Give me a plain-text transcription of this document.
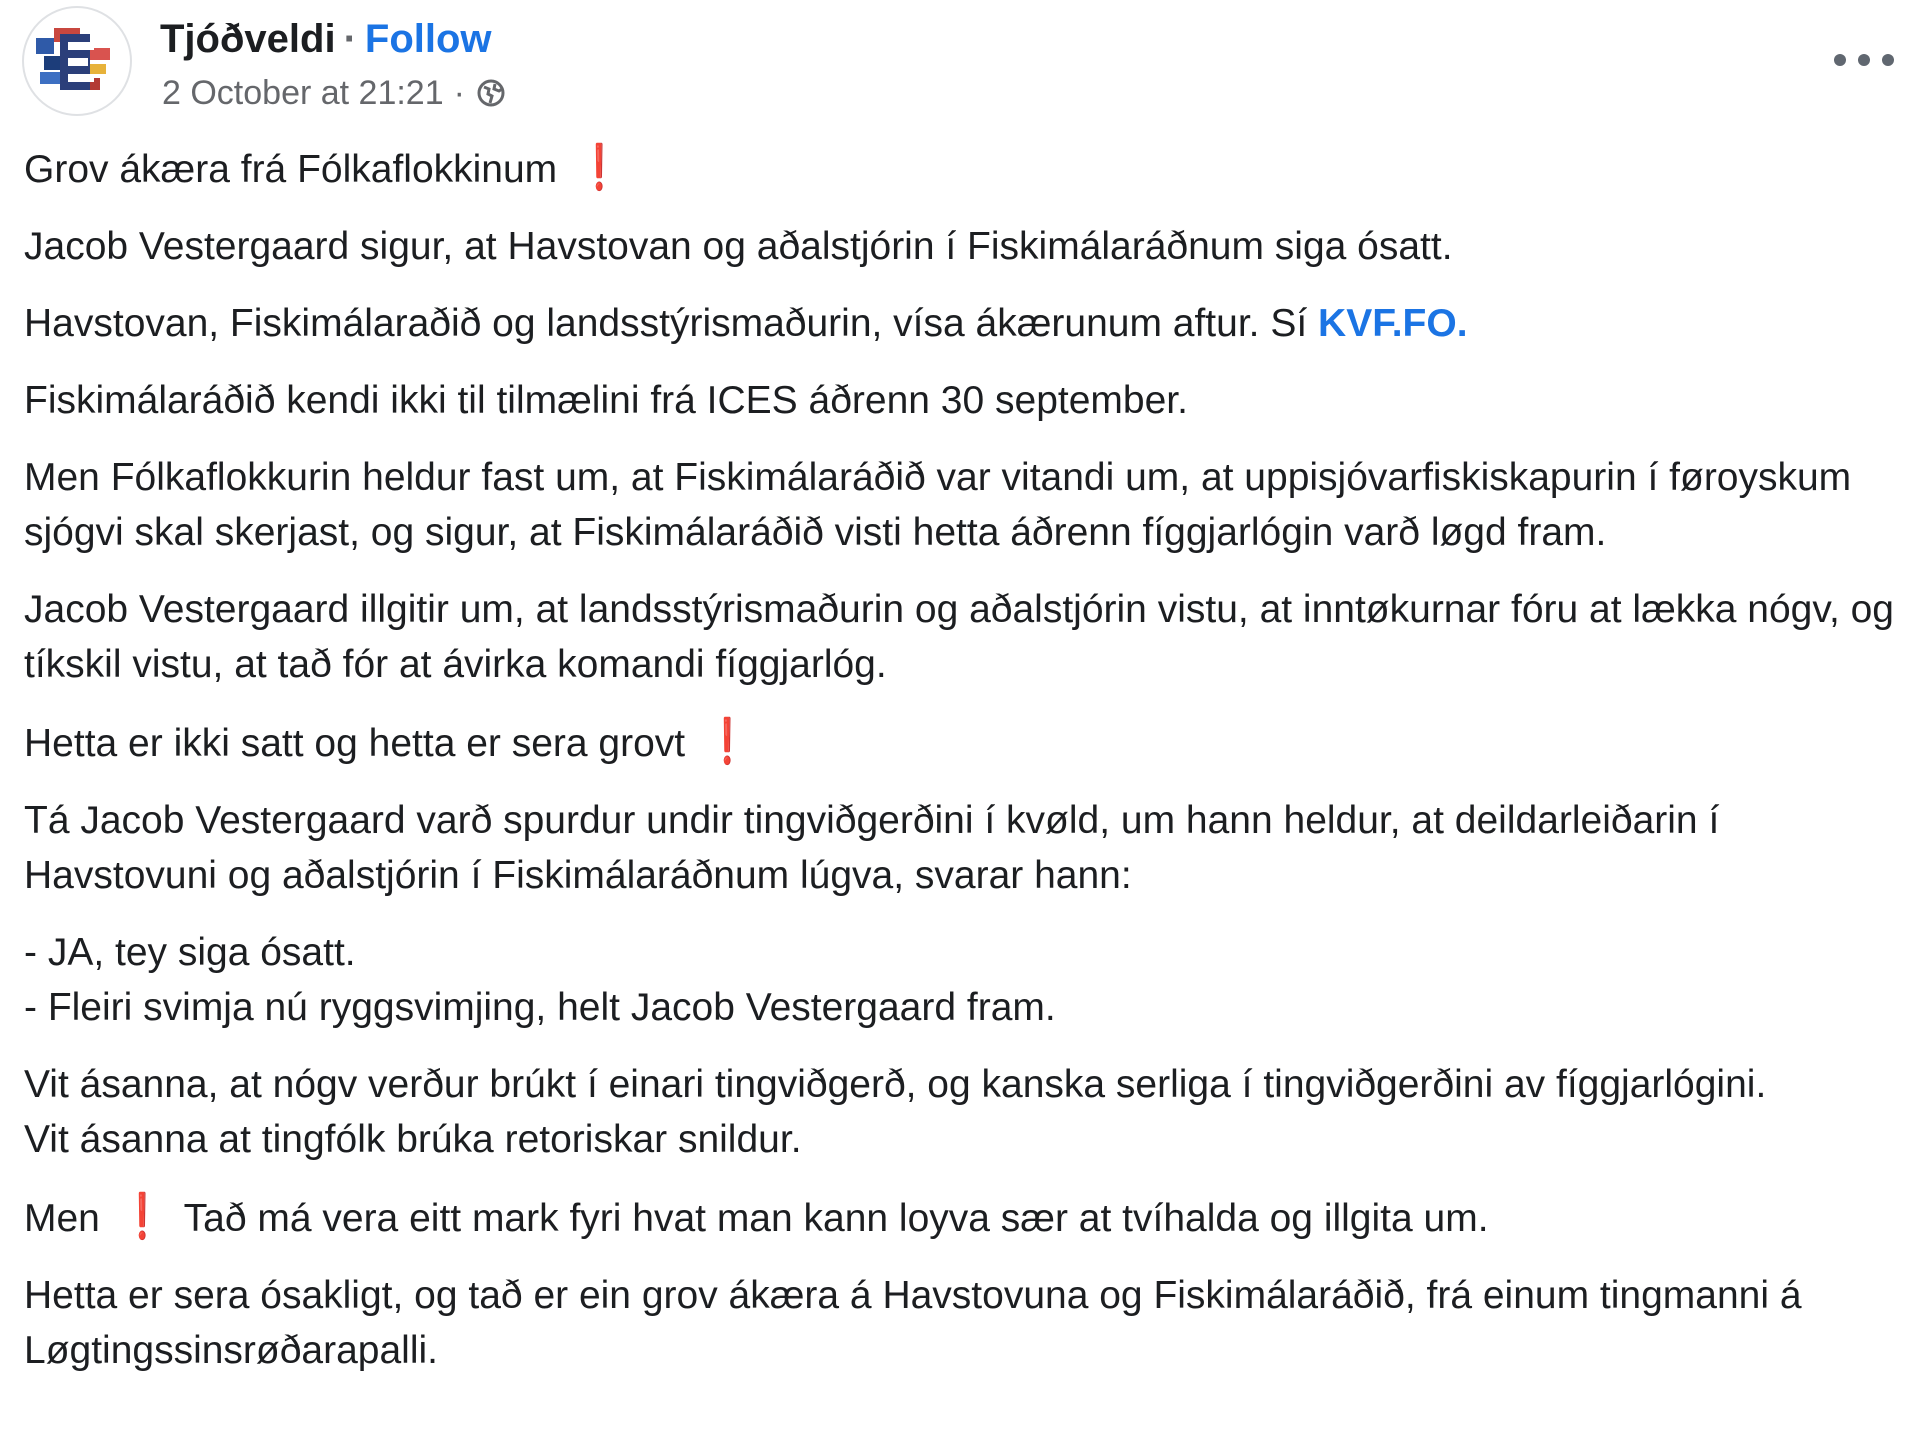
Tjóðveldi · Follow
2 October at 21:21 ·

Grov ákæra frá Fólkaflokkinum ❗

Jacob Vestergaard sigur, at Havstovan og aðalstjórin í Fiskimálaráðnum siga ósatt.

Havstovan, Fiskimálaraðið og landsstýrismaðurin, vísa ákærunum aftur. Sí KVF.FO.

Fiskimálaráðið kendi ikki til tilmælini frá ICES áðrenn 30 september.

Men Fólkaflokkurin heldur fast um, at Fiskimálaráðið var vitandi um, at uppisjóvarfiskiskapurin í føroyskum sjógvi skal skerjast, og sigur, at Fiskimálaráðið visti hetta áðrenn fíggjarlógin varð løgd fram.

Jacob Vestergaard illgitir um, at landsstýrismaðurin og aðalstjórin vistu, at inntøkurnar fóru at lækka nógv, og tíkskil vistu, at tað fór at ávirka komandi fíggjarlóg.

Hetta er ikki satt og hetta er sera grovt ❗

Tá Jacob Vestergaard varð spurdur undir tingviðgerðini í kvøld, um hann heldur, at deildarleiðarin í Havstovuni og aðalstjórin í Fiskimálaráðnum lúgva, svarar hann:

- JA, tey siga ósatt.
- Fleiri svimja nú ryggsvimjing, helt Jacob Vestergaard fram.

Vit ásanna, at nógv verður brúkt í einari tingviðgerð, og kanska serliga í tingviðgerðini av fíggjarlógini.
Vit ásanna at tingfólk brúka retoriskar snildur.

Men ❗ Tað má vera eitt mark fyri hvat man kann loyva sær at tvíhalda og illgita um.

Hetta er sera ósakligt, og tað er ein grov ákæra á Havstovuna og Fiskimálaráðið, frá einum tingmanni á Løgtingssinsrøðarapalli.
